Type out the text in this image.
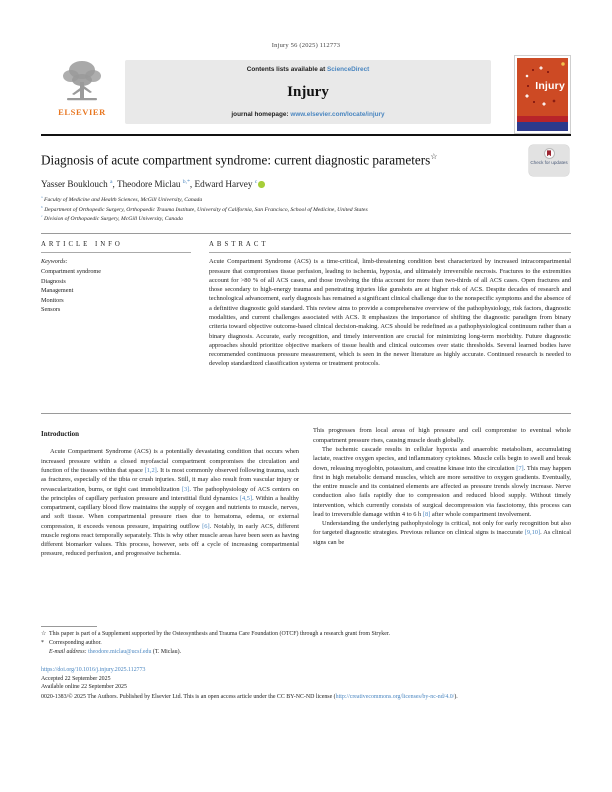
Injury 56 (2025) 112773
ELSEVIER
Contents lists available at ScienceDirect
Injury
journal homepage: www.elsevier.com/locate/injury
Injury
Diagnosis of acute compartment syndrome: current diagnostic parameters☆
Check for updates
Yasser Bouklouch $^a$, Theodore Miclau $^{b,*}$, Edward Harvey $^c$
$^a$ Faculty of Medicine and Health Sciences, McGill University, Canada
$^b$ Department of Orthopedic Surgery, Orthopaedic Trauma Institute, University of California, San Francisco, School of Medicine, United States
$^c$ Division of Orthopaedic Surgery, McGill University, Canada
ARTICLE INFO
Keywords:
Compartment syndrome
Diagnosis
Management
Monitors
Sensors
ABSTRACT
Acute Compartment Syndrome (ACS) is a time-critical, limb-threatening condition best characterized by increased intracompartmental pressure that compromises tissue perfusion, leading to ischemia, hypoxia, and ultimately irreversible necrosis. Fractures to the extremities account for >80 % of all ACS cases, and those involving the tibia account for more than two-thirds of all ACS cases. Open fractures and those secondary to high-energy trauma and penetrating injuries like gunshots are at higher risk of ACS. Despite decades of research and technological advancement, early diagnosis has remained a significant clinical challenge due to the nonspecific symptoms and the absence of a definitive diagnostic gold standard. This review aims to provide a comprehensive overview of the pathophysiology, risk factors, diagnostic modalities, and current challenges associated with ACS. It emphasizes the importance of shifting the diagnostic paradigm from binary criteria toward objective outcome-based clinical decision-making. ACS should be redefined as a pathophysiological continuum rather than a binary diagnosis. Accurate, early recognition, and timely intervention are crucial for minimizing long-term morbidity. Future diagnostic approaches should prioritize objective markers of tissue health and clinical outcomes over static thresholds. Several learned bodies have recommended continuous pressure measurement, which is seen in the newer literature as highly accurate. Continued research is needed to develop standardized classification systems or treatment protocols.
Introduction

Acute Compartment Syndrome (ACS) is a potentially devastating condition that occurs when increased pressure within a closed myofascial compartment compromises the circulation and function of the tissues within that space [1,2]. It is most commonly observed following trauma, such as fractures, especially of the tibia or crush injuries. Still, it may also result from vascular injury or revascularization, burns, or tight cast immobilization [3]. The pathophysiology of ACS centers on the principles of capillary perfusion pressure and interstitial fluid dynamics [4,5]. Within a healthy compartment, capillary blood flow maintains the supply of oxygen and nutrients to muscle, nerves, and soft tissue. When compartmental pressure rises due to hematoma, edema, or external compression, it exceeds venous pressure, impairing outflow [6]. Notably, in early ACS, different muscle regions react temporally separately. This is why other muscle areas have been seen as having different biomarker values. This process, however, sets off a cycle of increasing compartmental pressure, reduced perfusion, and progressive ischemia.

This progresses from local areas of high pressure and cell compromise to eventual whole compartment pressure rises, causing muscle death globally.

The ischemic cascade results in cellular hypoxia and anaerobic metabolism, accumulating lactate, reactive oxygen species, and inflammatory cytokines. Muscle cells begin to swell and break down, releasing myoglobin, potassium, and creatine kinase into the circulation [7]. This may happen first in high metabolic demand muscles, which are more sensitive to oxygen gradients. Eventually, the entire muscle and its contained elements are affected as pressure trends slowly increase. Nerve conduction also fails rapidly due to compression and reduced blood supply. Without timely intervention, which currently consists of surgical decompression via fasciotomy, this process can lead to irreversible damage within 4 to 6 h [8] after whole compartment involvement.

Understanding the underlying pathophysiology is critical, not only for early recognition but also for targeted diagnostic strategies. Previous reliance on clinical signs is inaccurate [9,10]. As clinical signs can be

☆ This paper is part of a Supplement supported by the Osteosynthesis and Trauma Care Foundation (OTCF) through a research grant from Stryker.
* Corresponding author.
E-mail address: theodore.miclau@ucsf.edu (T. Miclau).
https://doi.org/10.1016/j.injury.2025.112773
Accepted 22 September 2025
Available online 22 September 2025
0020-1383/© 2025 The Authors. Published by Elsevier Ltd. This is an open access article under the CC BY-NC-ND license (http://creativecommons.org/licenses/by-nc-nd/4.0/).
